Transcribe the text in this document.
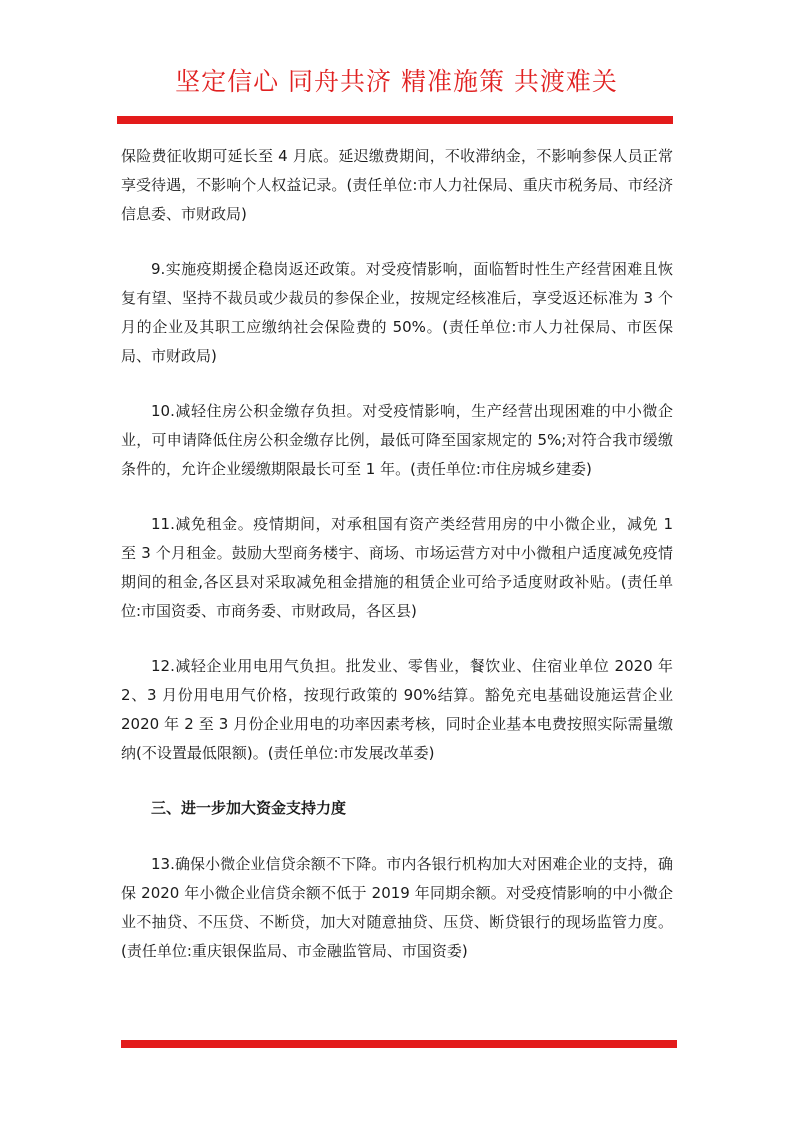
坚定信心 同舟共济 精准施策 共渡难关

保险费征收期可延长至 4 月底。延迟缴费期间，不收滞纳金，不影响参保人员正常享受待遇，不影响个人权益记录。(责任单位:市人力社保局、重庆市税务局、市经济信息委、市财政局)

9.实施疫期援企稳岗返还政策。对受疫情影响，面临暂时性生产经营困难且恢复有望、坚持不裁员或少裁员的参保企业，按规定经核准后，享受返还标准为 3 个月的企业及其职工应缴纳社会保险费的 50%。(责任单位:市人力社保局、市医保局、市财政局)

10.减轻住房公积金缴存负担。对受疫情影响，生产经营出现困难的中小微企业，可申请降低住房公积金缴存比例，最低可降至国家规定的 5%;对符合我市缓缴条件的，允许企业缓缴期限最长可至 1 年。(责任单位:市住房城乡建委)

11.减免租金。疫情期间，对承租国有资产类经营用房的中小微企业，减免 1 至 3 个月租金。鼓励大型商务楼宇、商场、市场运营方对中小微租户适度减免疫情期间的租金,各区县对采取减免租金措施的租赁企业可给予适度财政补贴。(责任单位:市国资委、市商务委、市财政局，各区县)

12.减轻企业用电用气负担。批发业、零售业，餐饮业、住宿业单位 2020 年 2、3 月份用电用气价格，按现行政策的 90%结算。豁免充电基础设施运营企业 2020 年 2 至 3 月份企业用电的功率因素考核，同时企业基本电费按照实际需量缴纳(不设置最低限额)。(责任单位:市发展改革委)

三、进一步加大资金支持力度

13.确保小微企业信贷余额不下降。市内各银行机构加大对困难企业的支持，确保 2020 年小微企业信贷余额不低于 2019 年同期余额。对受疫情影响的中小微企业不抽贷、不压贷、不断贷，加大对随意抽贷、压贷、断贷银行的现场监管力度。(责任单位:重庆银保监局、市金融监管局、市国资委)
